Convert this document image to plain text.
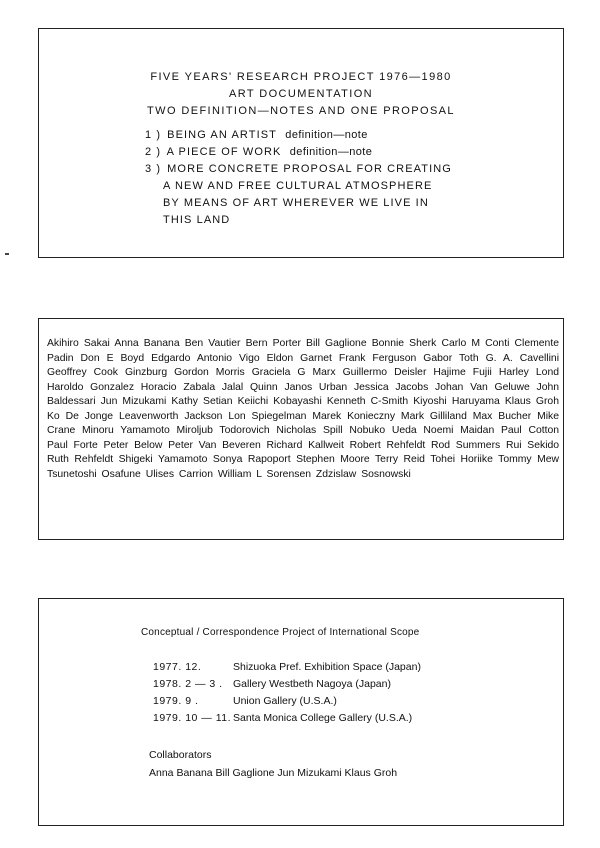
FIVE YEARS' RESEARCH PROJECT 1976—1980
ART DOCUMENTATION
TWO DEFINITION—NOTES AND ONE PROPOSAL
1 ) BEING AN ARTIST definition—note
2 ) A PIECE OF WORK definition—note
3 ) MORE CONCRETE PROPOSAL FOR CREATING
A NEW AND FREE CULTURAL ATMOSPHERE
BY MEANS OF ART WHEREVER WE LIVE IN
THIS LAND
Akihiro Sakai Anna Banana Ben Vautier Bern Porter Bill Gaglione Bonnie Sherk Carlo M Conti Clemente Padin Don E Boyd Edgardo Antonio Vigo Eldon Garnet Frank Ferguson Gabor Toth G. A. Cavellini Geoffrey Cook Ginzburg Gordon Morris Graciela G Marx Guillermo Deisler Hajime Fujii Harley Lond Haroldo Gonzalez Horacio Zabala Jalal Quinn Janos Urban Jessica Jacobs Johan Van Geluwe John Baldessari Jun Mizukami Kathy Setian Keiichi Kobayashi Kenneth C-Smith Kiyoshi Haruyama Klaus Groh Ko De Jonge Leavenworth Jackson Lon Spiegelman Marek Konieczny Mark Gilliland Max Bucher Mike Crane Minoru Yamamoto Miroljub Todorovich Nicholas Spill Nobuko Ueda Noemi Maidan Paul Cotton Paul Forte Peter Below Peter Van Beveren Richard Kallweit Robert Rehfeldt Rod Summers Rui Sekido Ruth Rehfeldt Shigeki Yamamoto Sonya Rapoport Stephen Moore Terry Reid Tohei Horiike Tommy Mew Tsunetoshi Osafune Ulises Carrion William L Sorensen Zdzislaw Sosnowski
Conceptual / Correspondence Project of International Scope
1977. 12.	Shizuoka Pref. Exhibition Space (Japan)
1978. 2 — 3 . Gallery Westbeth Nagoya (Japan)
1979. 9 .	Union Gallery (U.S.A.)
1979. 10 — 11. Santa Monica College Gallery (U.S.A.)
Collaborators
Anna Banana Bill Gaglione Jun Mizukami Klaus Groh
